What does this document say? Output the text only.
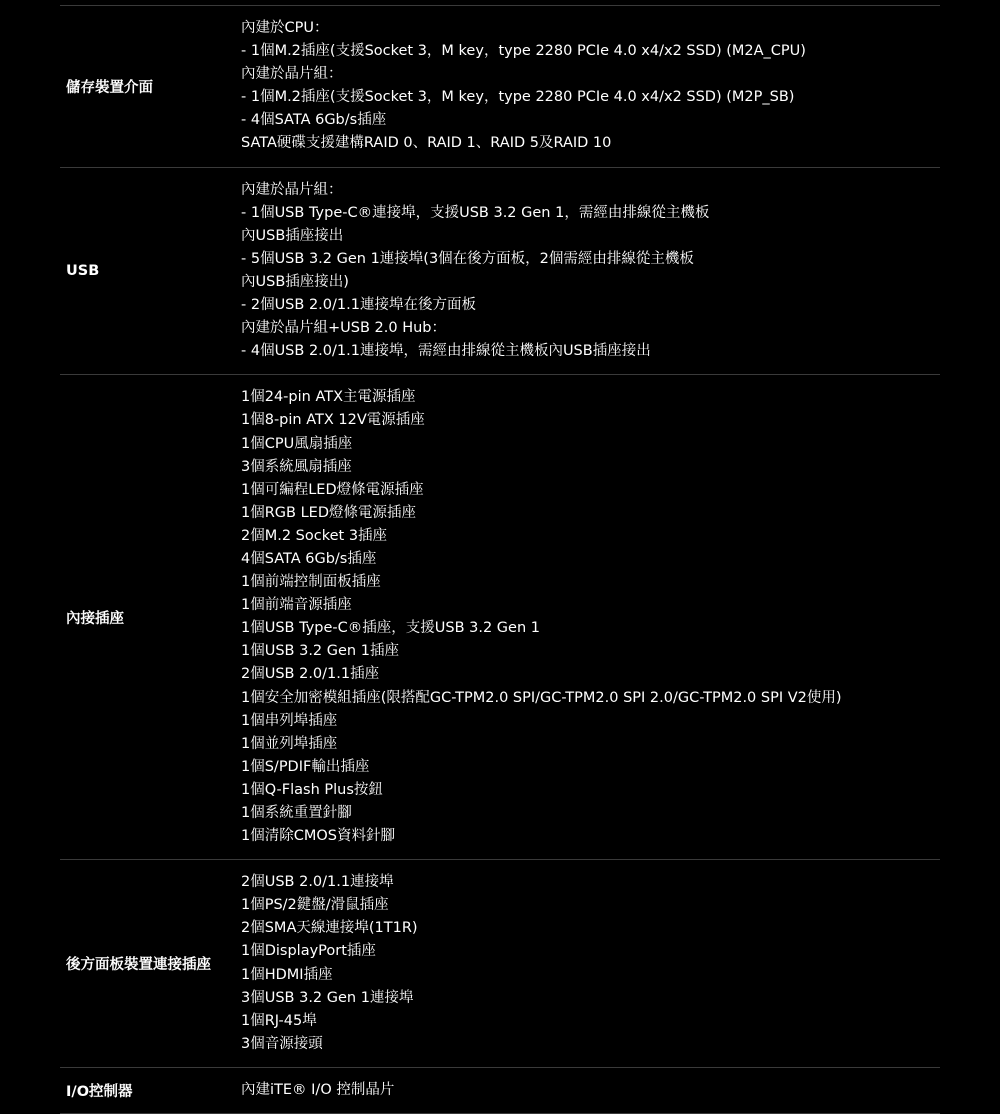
儲存裝置介面
內建於CPU：
- 1個M.2插座(支援Socket 3，M key，type 2280 PCIe 4.0 x4/x2 SSD) (M2A_CPU)
內建於晶片組：
- 1個M.2插座(支援Socket 3，M key，type 2280 PCIe 4.0 x4/x2 SSD) (M2P_SB)
- 4個SATA 6Gb/s插座
SATA硬碟支援建構RAID 0、RAID 1、RAID 5及RAID 10
USB
內建於晶片組：
- 1個USB Type-C®連接埠，支援USB 3.2 Gen 1，需經由排線從主機板
內USB插座接出
- 5個USB 3.2 Gen 1連接埠(3個在後方面板，2個需經由排線從主機板
內USB插座接出)
- 2個USB 2.0/1.1連接埠在後方面板
內建於晶片組+USB 2.0 Hub：
- 4個USB 2.0/1.1連接埠，需經由排線從主機板內USB插座接出
內接插座
1個24-pin ATX主電源插座
1個8-pin ATX 12V電源插座
1個CPU風扇插座
3個系統風扇插座
1個可編程LED燈條電源插座
1個RGB LED燈條電源插座
2個M.2 Socket 3插座
4個SATA 6Gb/s插座
1個前端控制面板插座
1個前端音源插座
1個USB Type-C®插座，支援USB 3.2 Gen 1
1個USB 3.2 Gen 1插座
2個USB 2.0/1.1插座
1個安全加密模組插座(限搭配GC-TPM2.0 SPI/GC-TPM2.0 SPI 2.0/GC-TPM2.0 SPI V2使用)
1個串列埠插座
1個並列埠插座
1個S/PDIF輸出插座
1個Q-Flash Plus按鈕
1個系統重置針腳
1個清除CMOS資料針腳
後方面板裝置連接插座
2個USB 2.0/1.1連接埠
1個PS/2鍵盤/滑鼠插座
2個SMA天線連接埠(1T1R)
1個DisplayPort插座
1個HDMI插座
3個USB 3.2 Gen 1連接埠
1個RJ-45埠
3個音源接頭
I/O控制器	內建iTE® I/O 控制晶片
